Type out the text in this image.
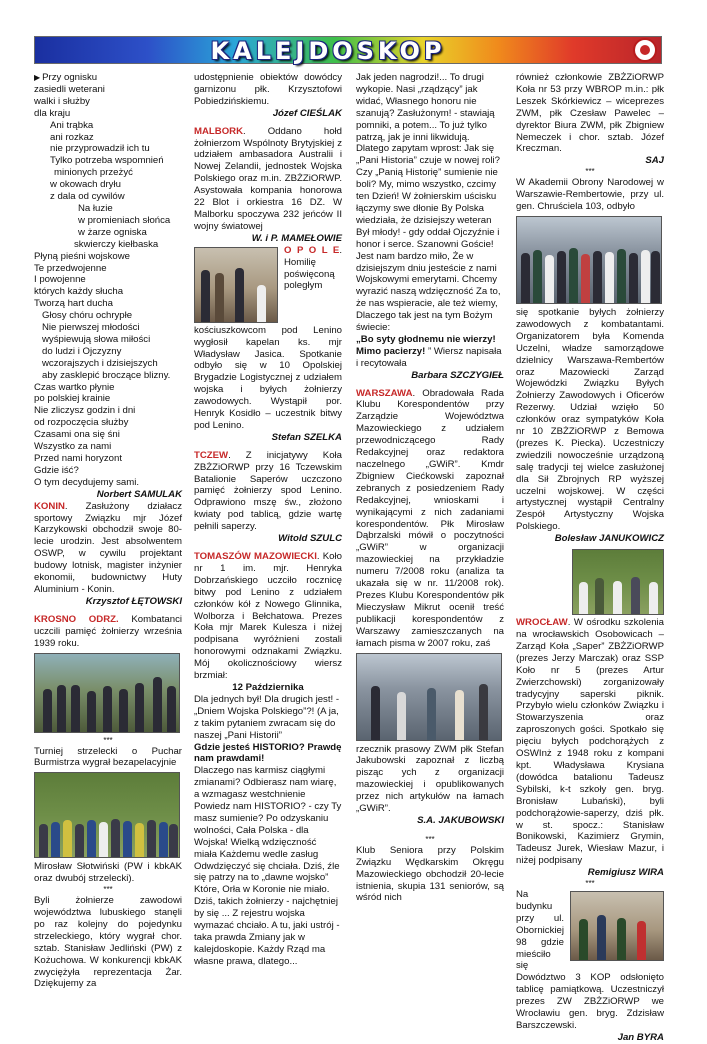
KALEJDOSKOP

▶ Przy ognisku

zasiedli weterani

walki i służby

dla kraju

Ani trąbka

ani rozkaz

nie przyprowadził ich tu

Tylko potrzeba wspomnień

minionych przeżyć

w okowach dryłu

z dala od cywilów

Na łuzie

w promieniach słońca

w żarze ogniska

skwierczy kiełbaska

Płyną pieśni wojskowe

Te przedwojenne

I powojenne

których każdy słucha

Tworzą hart ducha

Głosy chóru ochrypłe

Nie pierwszej młodości

wyśpiewują słowa miłości

do ludzi i Ojczyzny

wczorajszych i dzisiejszych

aby zasklepić broczące blizny.

Czas wartko płynie

po polskiej krainie

Nie zliczysz godzin i dni

od rozpoczęcia służby

Czasami ona się śni

Wszystko za nami

Przed nami horyzont

Gdzie iść?

O tym decydujemy sami.

Norbert SAMULAK

KONIN. Zasłużony działacz sportowy Związku mjr Józef Karzykowski obchodził swoje 80-lecie urodzin. Jest absolwentem OSWP, w cywilu projektant budowy lotnisk, magister inżynier ekonomii, budownictwy Huty Aluminium - Konin.

Krzysztof ŁĘTOWSKI

KROSNO ODRZ. Kombatanci uczcili pamięć żołnierzy września 1939 roku.

***

Turniej strzelecki o Puchar Burmistrza wygrał bezapelacyjnie

Mirosław Słotwiński (PW i kbkAK oraz dwubój strzelecki).

***

Byli żołnierze zawodowi województwa lubuskiego stanęli po raz kolejny do pojedynku strzeleckiego, który wygrał chor. sztab. Stanisław Jedliński (PW) z Kożuchowa. W konkurencji kbkAK zwyciężyła reprezentacja Żar. Dziękujemy za

udostępnienie obiektów dowódcy garnizonu płk. Krzysztofowi Pobiedzińskiemu.

Józef CIEŚLAK

MALBORK. Oddano hołd żołnierzom Wspólnoty Brytyjskiej z udziałem ambasadora Australii i Nowej Zelandii, jednostek Wojska Polskiego oraz m.in. ZBŻZiORWP. Asystowała kompania honorowa 22 Blot i orkiestra 16 DZ. W Malborku spoczywa 232 jeńców II wojny światowej

W. i P. MAMEŁOWIE

O P O L E. Homilię poświęconą poległym kościuszkowcom pod Lenino wygłosił kapelan ks. mjr Władysław Jasica. Spotkanie odbyło się w 10 Opolskiej Brygadzie Logistycznej z udziałem wojska i byłych żołnierzy zawodowych. Wystąpił por. Henryk Kosidło – uczestnik bitwy pod Lenino.

Stefan SZELKA

TCZEW. Z inicjatywy Koła ZBŻZiORWP przy 16 Tczewskim Batalionie Saperów uczczono pamięć żołnierzy spod Lenino. Odprawiono mszę św., złożono kwiaty pod tablicą, gdzie wartę pełnili saperzy.

Witold SZULC

TOMASZÓW MAZOWIECKI. Koło nr 1 im. mjr. Henryka Dobrzańskiego uczciło rocznicę bitwy pod Lenino z udziałem członków kół z Nowego Glinnika, Wolborza i Bełchatowa. Prezes Koła mjr Marek Kulesza i niżej podpisana wyróżnieni zostali honorowymi odznakami Związku. Mój okolicznościowy wiersz brzmiał:

12 Października

Dla jednych był! Dla drugich jest! - „Dniem Wojska Polskiego”?! (A ja, z takim pytaniem zwracam się do naszej „Pani Historii”

Gdzie jesteś HISTORIO? Prawdę nam prawdami!

Dlaczego nas karmisz ciągłymi zmianami? Odbierasz nam wiarę, a wzmagasz westchnienie Powiedz nam HISTORIO? - czy Ty masz sumienie? Po odzyskaniu wolności, Cała Polska - dla Wojska! Wielką wdzięczność miała Każdemu wedle zasług Odwdzięczyć się chciała. Dziś, źle się patrzy na to „dawne wojsko” Które, Orła w Koronie nie miało. Dziś, takich żołnierzy - najchętniej by się ... Z rejestru wojska wymazać chciało. A tu, jaki ustrój - taka prawda Zmiany jak w kalejdoskopie. Każdy Rząd ma własne prawa, dlatego...

Jak jeden nagrodzi!... To drugi wykopie. Nasi „rządzący” jak widać, Własnego honoru nie szanują? Zasłużonym! - stawiają pomniki, a potem... To już tylko patrzą, jak je inni likwidują. Dlatego zapytam wprost: Jak się „Pani Historia” czuje w nowej roli? Czy „Panią Historię” sumienie nie boli? My, mimo wszystko, czcimy ten Dzień! W żołnierskim uścisku łączymy swe dłonie By Polska wiedziała, że dzisiejszy weteran Był młody! - gdy oddał Ojczyźnie i honor i serce. Szanowni Goście! Jest nam bardzo miło, Że w dzisiejszym dniu jesteście z nami Wojskowymi emerytami. Chcemy wyrazić naszą wdzięczność Za to, że nas wspieracie, ale też wiemy, Dlaczego tak jest na tym Bożym świecie:

„Bo syty głodnemu nie wierzy! Mimo pacierzy! ” Wiersz napisała i recytowała

Barbara SZCZYGIEŁ

WARSZAWA. Obradowała Rada Klubu Korespondentów przy Zarządzie Województwa Mazowieckiego z udziałem przewodniczącego Rady Redakcyjnej oraz redaktora naczelnego „GWiR”. Kmdr Zbigniew Ciećkowski zapoznał zebranych z posiedzeniem Rady Redakcyjnej, wnioskami i wynikającymi z nich zadaniami korespondentów. Płk Mirosław Dąbrzalski mówił o poczytności „GWiR” w organizacji mazowieckiej na przykładzie numeru 7/2008 roku (analiza ta ukazała się w nr. 11/2008 rok). Prezes Klubu Korespondentów płk Mieczysław Mikrut ocenił treść publikacji korespondentów z Warszawy zamieszczanych na łamach pisma w 2007 roku, zaś

rzecznik prasowy ZWM płk Stefan Jakubowski zapoznał z liczbą pisząc ych z organizacji mazowieckiej i opublikowanych przez nich artykułów na łamach „GWiR”.

S.A. JAKUBOWSKI
***

Klub Seniora przy Polskim Związku Wędkarskim Okręgu Mazowieckiego obchodził 20-lecie istnienia, skupia 131 seniorów, są wśród nich

również członkowie ZBŻZiORWP Koła nr 53 przy WBROP m.in.: płk Leszek Skórkiewicz – wiceprezes ZWM, płk Czesław Pawelec – dyrektor Biura ZWM, płk Zbigniew Nemeczek i chor. sztab. Józef Kreczman.

SAJ
***

W Akademii Obrony Narodowej w Warszawie-Rembertowie, przy ul. gen. Chruściela 103, odbyło

się spotkanie byłych żołnierzy zawodowych z kombatantami. Organizatorem była Komenda Uczelni, władze samorządowe dzielnicy Warszawa-Rembertów oraz Mazowiecki Zarząd Wojewódzki Związku Byłych Żołnierzy Zawodowych i Oficerów Rezerwy. Udział wzięło 50 członków oraz sympatyków Koła nr 10 ZBŻZiORWP z Bemowa (prezes K. Piecka). Uczestniczy zwiedzili nowocześnie urządzoną salę tradycji tej wielce zasłużonej dla Sił Zbrojnych RP wyższej uczelni wojskowej. W części artystycznej wystąpił Centralny Zespół Artystyczny Wojska Polskiego.

Bolesław JANUKOWICZ

WROCŁAW. W ośrodku szkolenia na wrocławskich Osobowicach – Zarząd Koła „Saper” ZBŻZiORWP (prezes Jerzy Marczak) oraz SSP Koło nr 5 (prezes Artur Zwierzchowski) zorganizowały tradycyjny saperski piknik. Przybyło wielu członków Związku i Stowarzyszenia oraz zaproszonych gości. Spotkało się pięciu byłych podchorążych z OSWInż z 1948 roku z kompani kpt. Władysława Krysiana (dowódca batalionu Tadeusz Sybilski, k-t szkoły gen. bryg. Bronisław Lubański), byli podchorążowie-saperzy, dziś płk. w st. spocz.: Stanisław Bonikowski, Kazimierz Grymin, Tadeusz Jurek, Wiesław Mazur, i niżej podpisany

Remigiusz WIRA
***

Na budynku przy ul. Obornickiej 98 gdzie mieściło się Dowództwo 3 KOP odsłonięto tablicę pamiątkową. Uczestniczył prezes ZW ZBŻZiORWP we Wrocławiu gen. bryg. Zdzisław Barszczewski.

Jan BYRA
